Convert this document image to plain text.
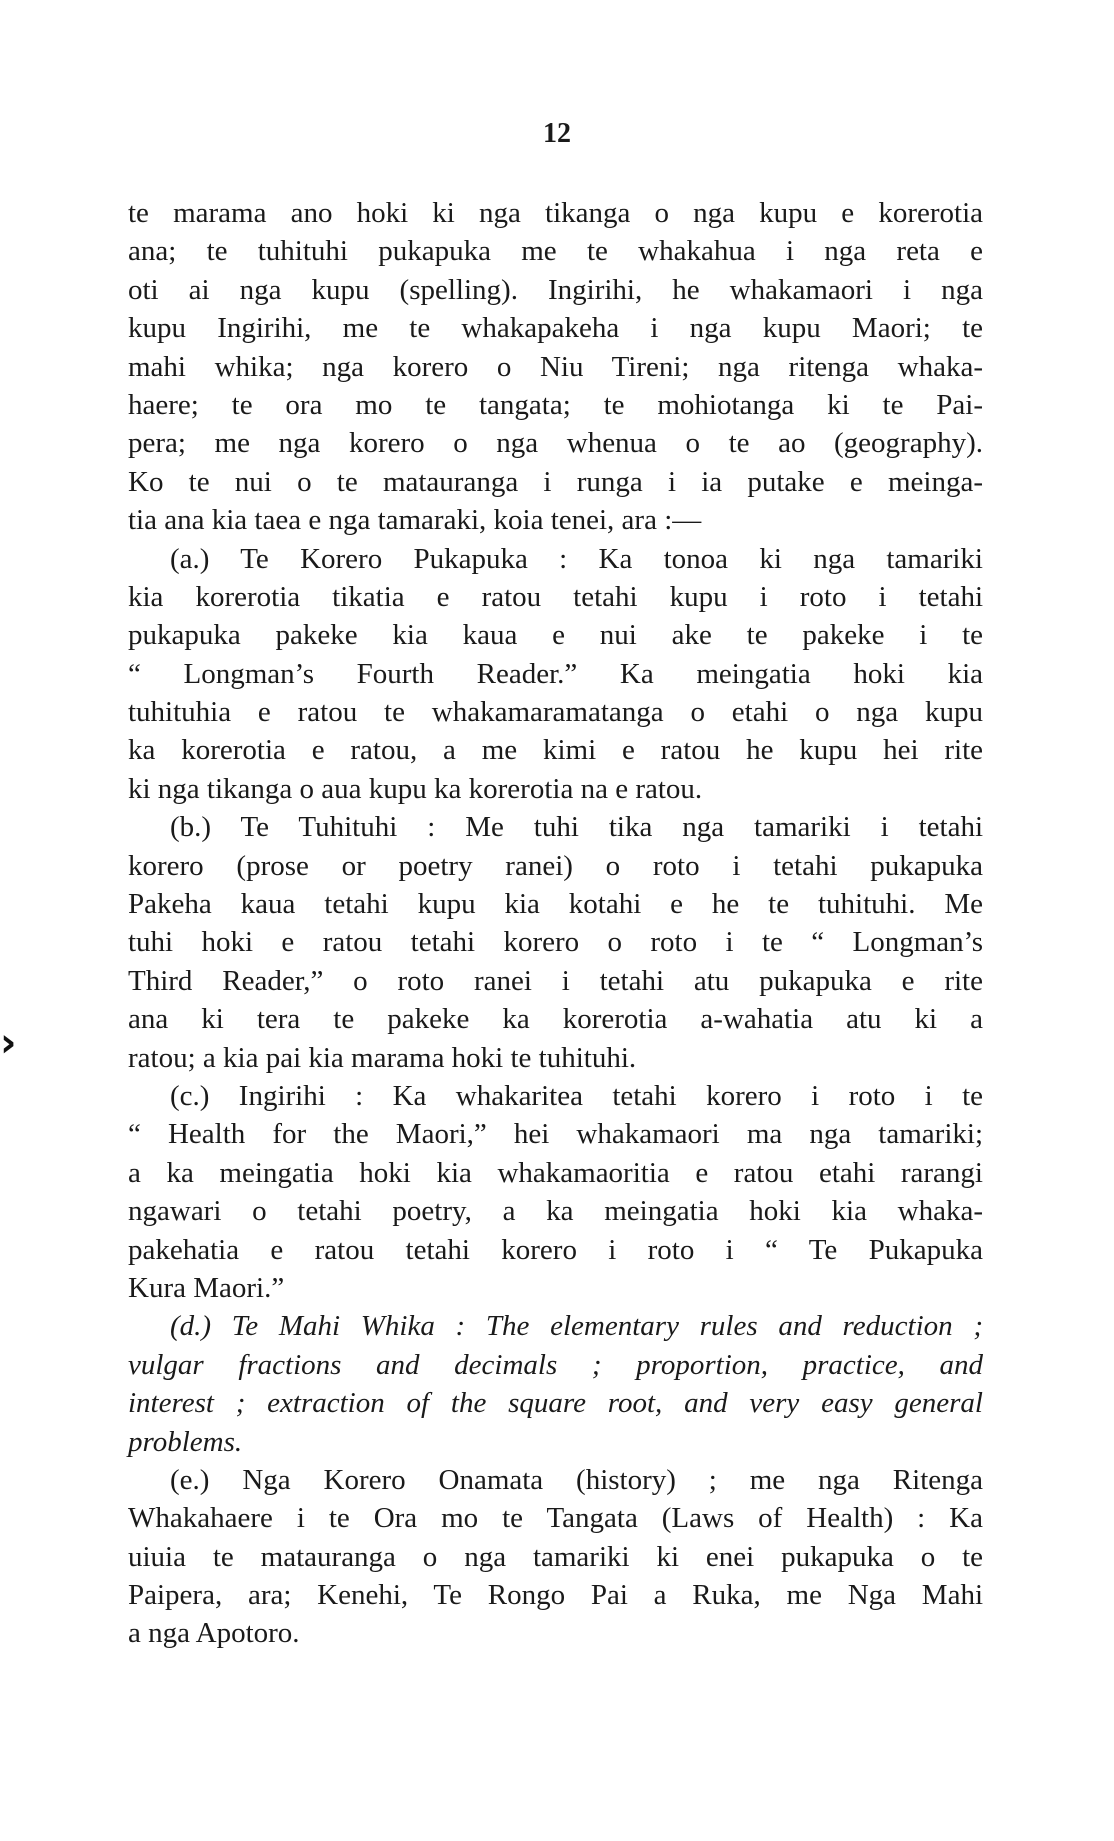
12
›
te marama ano hoki ki nga tikanga o nga kupu e korerotia
ana; te tuhituhi pukapuka me te whakahua i nga reta e
oti ai nga kupu (spelling). Ingirihi, he whakamaori i nga
kupu Ingirihi, me te whakapakeha i nga kupu Maori; te
mahi whika; nga korero o Niu Tireni; nga ritenga whaka-
haere; te ora mo te tangata; te mohiotanga ki te Pai-
pera; me nga korero o nga whenua o te ao (geography).
Ko te nui o te matauranga i runga i ia putake e meinga-
tia ana kia taea e nga tamaraki, koia tenei, ara :—
(a.) Te Korero Pukapuka : Ka tonoa ki nga tamariki
kia korerotia tikatia e ratou tetahi kupu i roto i tetahi
pukapuka pakeke kia kaua e nui ake te pakeke i te
“ Longman’s Fourth Reader.” Ka meingatia hoki kia
tuhituhia e ratou te whakamaramatanga o etahi o nga kupu
ka korerotia e ratou, a me kimi e ratou he kupu hei rite
ki nga tikanga o aua kupu ka korerotia na e ratou.
(b.) Te Tuhituhi : Me tuhi tika nga tamariki i tetahi
korero (prose or poetry ranei) o roto i tetahi pukapuka
Pakeha kaua tetahi kupu kia kotahi e he te tuhituhi. Me
tuhi hoki e ratou tetahi korero o roto i te “ Longman’s
Third Reader,” o roto ranei i tetahi atu pukapuka e rite
ana ki tera te pakeke ka korerotia a-wahatia atu ki a
ratou; a kia pai kia marama hoki te tuhituhi.
(c.) Ingirihi : Ka whakaritea tetahi korero i roto i te
“ Health for the Maori,” hei whakamaori ma nga tamariki;
a ka meingatia hoki kia whakamaoritia e ratou etahi rarangi
ngawari o tetahi poetry, a ka meingatia hoki kia whaka-
pakehatia e ratou tetahi korero i roto i “ Te Pukapuka
Kura Maori.”
(d.) Te Mahi Whika : The elementary rules and reduction ;
vulgar fractions and decimals ; proportion, practice, and
interest ; extraction of the square root, and very easy general
problems.
(e.) Nga Korero Onamata (history) ; me nga Ritenga
Whakahaere i te Ora mo te Tangata (Laws of Health) : Ka
uiuia te matauranga o nga tamariki ki enei pukapuka o te
Paipera, ara; Kenehi, Te Rongo Pai a Ruka, me Nga Mahi
a nga Apotoro.
